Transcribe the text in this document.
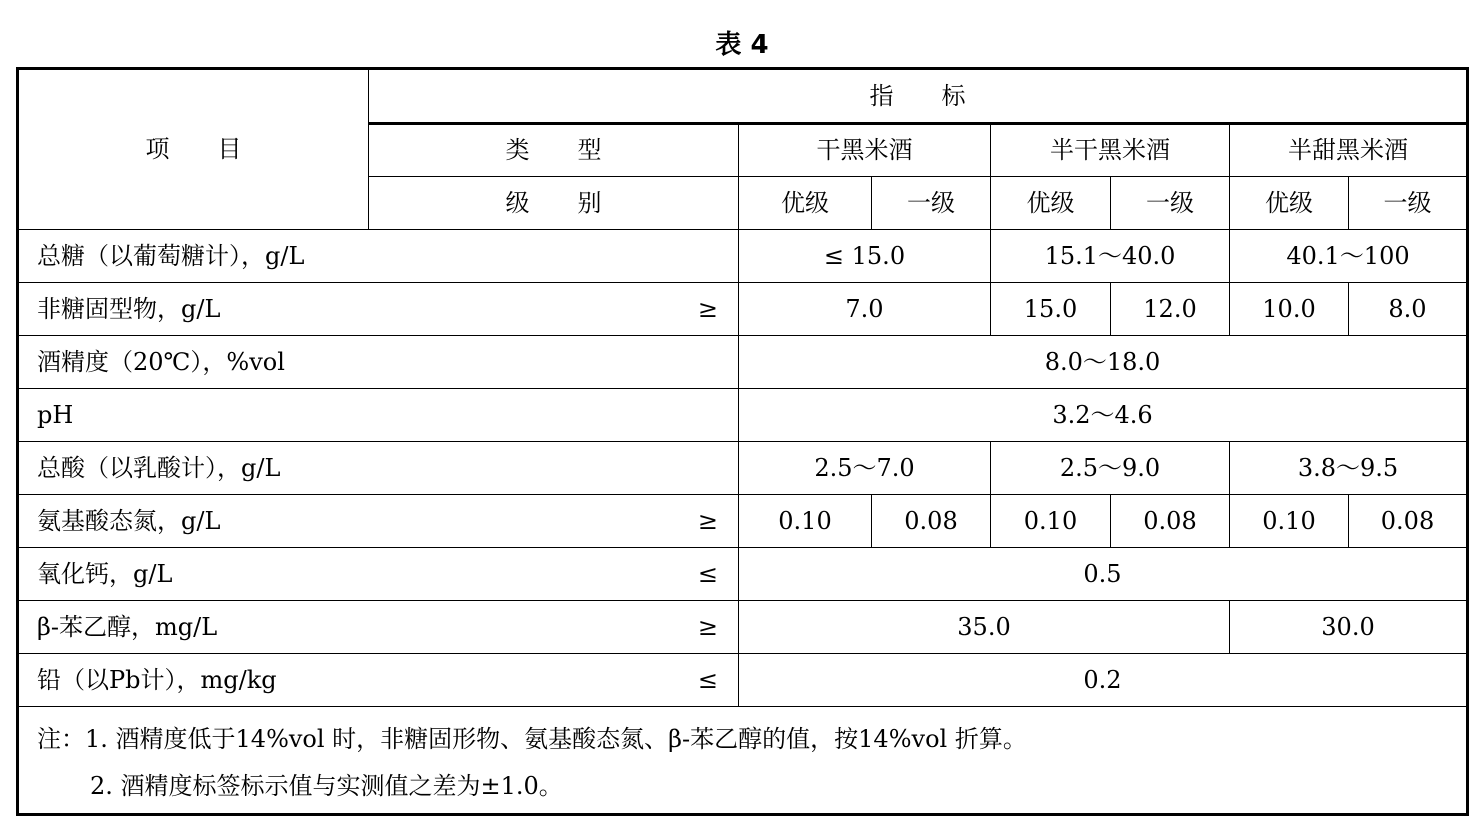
表 4
项　　目	指　　标						
	类　　型	干黑米酒		半干黑米酒		半甜黑米酒	
	级　　别	优级	一级	优级	一级	优级	一级
总糖（以葡萄糖计），g/L		≤ 15.0		15.1～40.0		40.1～100	

非糖固型物，g/L ≥		7.0		15.0	12.0	10.0	8.0
酒精度（20℃），%vol		8.0～18.0					
pH		3.2～4.6					
总酸（以乳酸计），g/L		2.5～7.0		2.5～9.0		3.8～9.5	

氨基酸态氮，g/L ≥		0.10	0.08	0.10	0.08	0.10	0.08

氧化钙，g/L ≤		0.5					

β-苯乙醇，mg/L ≥		35.0				30.0	

铅（以Pb计），mg/kg ≤		0.2					

注：1. 酒精度低于14%vol 时，非糖固形物、氨基酸态氮、β-苯乙醇的值，按14%vol 折算。
2. 酒精度标签标示值与实测值之差为±1.0。							
